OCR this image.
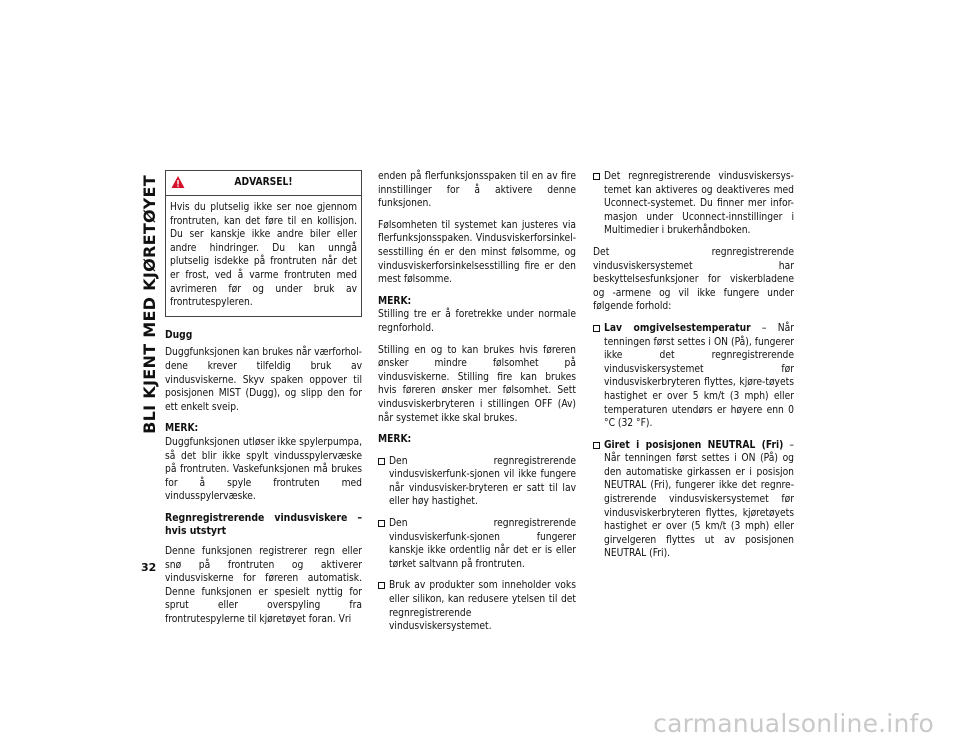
BLI KJENT MED KJØRETØYET
32
ADVARSEL!
Hvis du plutselig ikke ser noe gjennom frontruten, kan det føre til en kollisjon. Du ser kanskje ikke andre biler eller andre hindringer. Du kan unngå plutselig isdekke på frontruten når det er frost, ved å varme frontruten med avrimeren før og under bruk av frontrutespyleren.

Dugg

Duggfunksjonen kan brukes når værforhol-dene krever tilfeldig bruk av vindusviskerne. Skyv spaken oppover til posisjonen MIST (Dugg), og slipp den for ett enkelt sveip.

MERK:

Duggfunksjonen utløser ikke spylerpumpa, så det blir ikke spylt vindusspylervæske på frontruten. Vaskefunksjonen må brukes for å spyle frontruten med vindusspylervæske.

Regnregistrerende vindusviskere – hvis utstyrt

Denne funksjonen registrerer regn eller snø på frontruten og aktiverer vindusviskerne for føreren automatisk. Denne funksjonen er spesielt nyttig for sprut eller overspyling fra frontrutespylerne til kjøretøyet foran. Vri

enden på flerfunksjonsspaken til en av fire innstillinger for å aktivere denne funksjonen.

Følsomheten til systemet kan justeres via flerfunksjonsspaken. Vindusviskerforsinkel-sesstilling én er den minst følsomme, og vindusviskerforsinkelsesstilling fire er den mest følsomme.

MERK:

Stilling tre er å foretrekke under normale regnforhold.

Stilling en og to kan brukes hvis føreren ønsker mindre følsomhet på vindusviskerne. Stilling fire kan brukes hvis føreren ønsker mer følsomhet. Sett vindusviskerbryteren i stillingen OFF (Av) når systemet ikke skal brukes.

MERK:

Den regnregistrerende vindusviskerfunk-sjonen vil ikke fungere når vindusvisker-bryteren er satt til lav eller høy hastighet.
Den regnregistrerende vindusviskerfunk-sjonen fungerer kanskje ikke ordentlig når det er is eller tørket saltvann på frontruten.
Bruk av produkter som inneholder voks eller silikon, kan redusere ytelsen til det regnregistrerende vindusviskersystemet.
Det regnregistrerende vindusviskersys-temet kan aktiveres og deaktiveres med Uconnect-systemet. Du finner mer infor-masjon under Uconnect-innstillinger i Multimedier i brukerhåndboken.

Det regnregistrerende vindusviskersystemet har beskyttelsesfunksjoner for viskerbladene og -armene og vil ikke fungere under følgende forhold:

Lav omgivelsestemperatur – Når tenningen først settes i ON (På), fungerer ikke det regnregistrerende vindusviskersystemet før vindusviskerbryteren flyttes, kjøre-tøyets hastighet er over 5 km/t (3 mph) eller temperaturen utendørs er høyere enn 0 °C (32 °F).
Giret i posisjonen NEUTRAL (Fri) – Når tenningen først settes i ON (På) og den automatiske girkassen er i posisjon NEUTRAL (Fri), fungerer ikke det regnre-gistrerende vindusviskersystemet før vindusviskerbryteren flyttes, kjøretøyets hastighet er over (5 km/t (3 mph) eller girvelgeren flyttes ut av posisjonen NEUTRAL (Fri).
carmanualsonline.info
